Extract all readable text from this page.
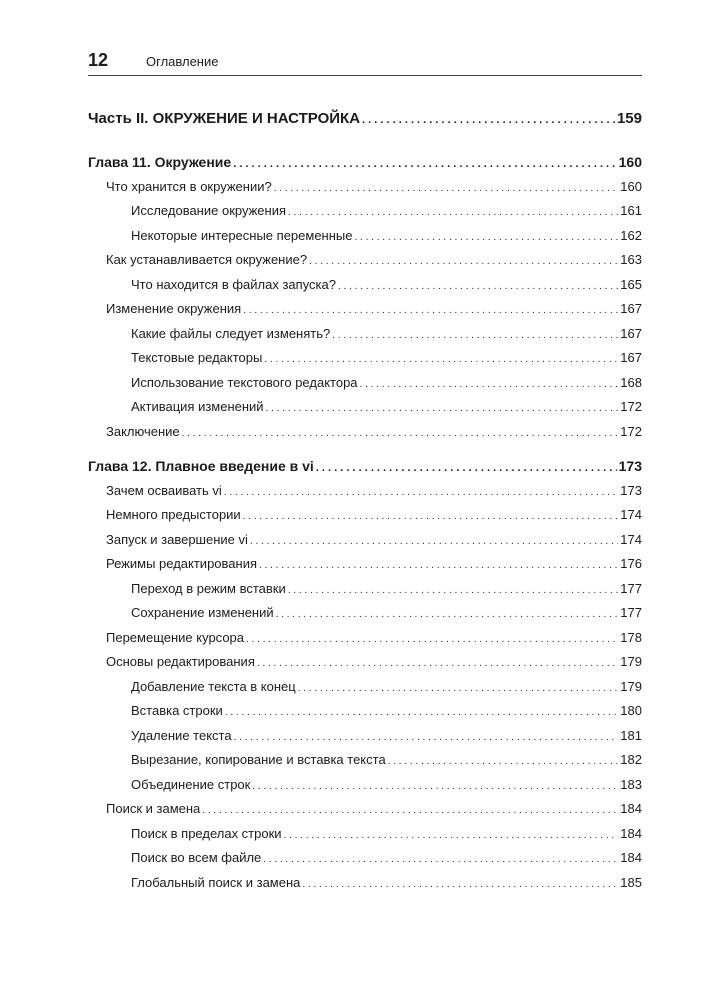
12	Оглавление
Часть II. ОКРУЖЕНИЕ И НАСТРОЙКА . . .	159
Глава 11. Окружение . . .	160
Что хранится в окружении? . . .	160
Исследование окружения . . .	161
Некоторые интересные переменные . . .	162
Как устанавливается окружение? . . .	163
Что находится в файлах запуска? . . .	165
Изменение окружения . . .	167
Какие файлы следует изменять? . . .	167
Текстовые редакторы . . .	167
Использование текстового редактора . . .	168
Активация изменений . . .	172
Заключение . . .	172
Глава 12. Плавное введение в vi . . .	173
Зачем осваивать vi . . .	173
Немного предыстории . . .	174
Запуск и завершение vi . . .	174
Режимы редактирования . . .	176
Переход в режим вставки . . .	177
Сохранение изменений . . .	177
Перемещение курсора . . .	178
Основы редактирования . . .	179
Добавление текста в конец . . .	179
Вставка строки . . .	180
Удаление текста . . .	181
Вырезание, копирование и вставка текста . . .	182
Объединение строк . . .	183
Поиск и замена . . .	184
Поиск в пределах строки . . .	184
Поиск во всем файле . . .	184
Глобальный поиск и замена . . .	185
